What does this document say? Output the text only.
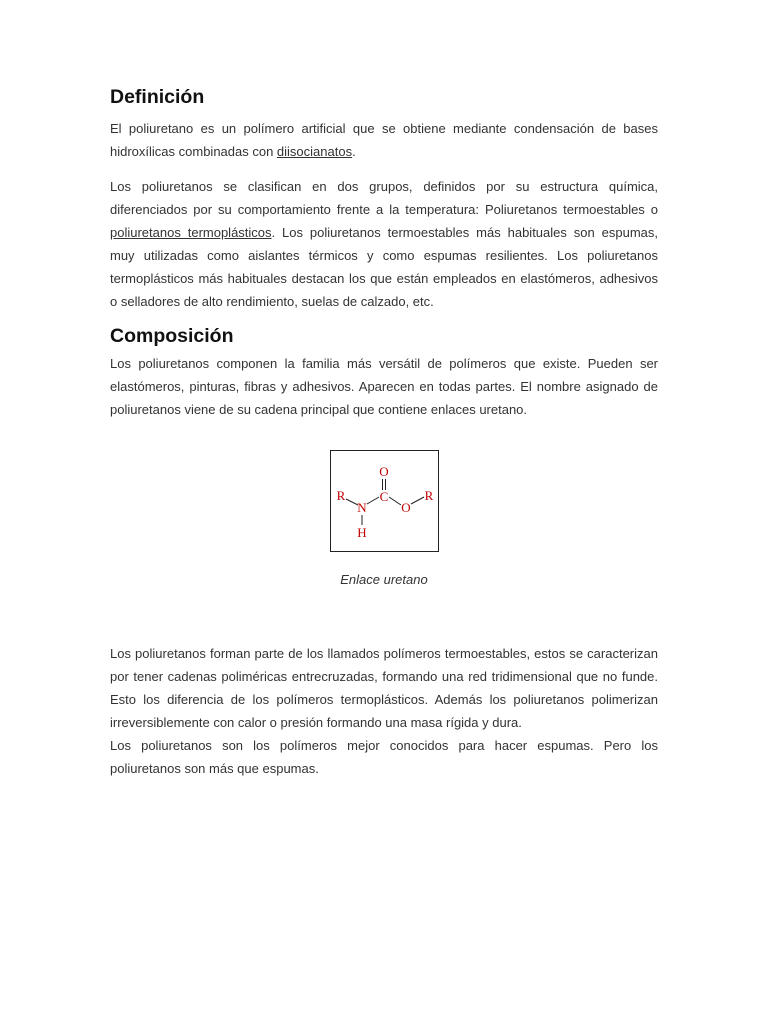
Definición

El poliuretano es un polímero artificial que se obtiene mediante condensación de bases hidroxílicas combinadas con diisocianatos.

Los poliuretanos se clasifican en dos grupos, definidos por su estructura química, diferenciados por su comportamiento frente a la temperatura: Poliuretanos termoestables o poliuretanos termoplásticos. Los poliuretanos termoestables más habituales son espumas, muy utilizadas como aislantes térmicos y como espumas resilientes. Los poliuretanos termoplásticos más habituales destacan los que están empleados en elastómeros, adhesivos o selladores de alto rendimiento, suelas de calzado, etc.

Composición

Los poliuretanos componen la familia más versátil de polímeros que existe. Pueden ser elastómeros, pinturas, fibras y adhesivos. Aparecen en todas partes. El nombre asignado de poliuretanos viene de su cadena principal que contiene enlaces uretano.

O
C
R
N	O
R
H
Enlace uretano

Los poliuretanos forman parte de los llamados polímeros termoestables, estos se caracterizan por tener cadenas poliméricas entrecruzadas, formando una red tridimensional que no funde. Esto los diferencia de los polímeros termoplásticos. Además los poliuretanos polimerizan irreversiblemente con calor o presión formando una masa rígida y dura.

Los poliuretanos son los polímeros mejor conocidos para hacer espumas. Pero los poliuretanos son más que espumas.
